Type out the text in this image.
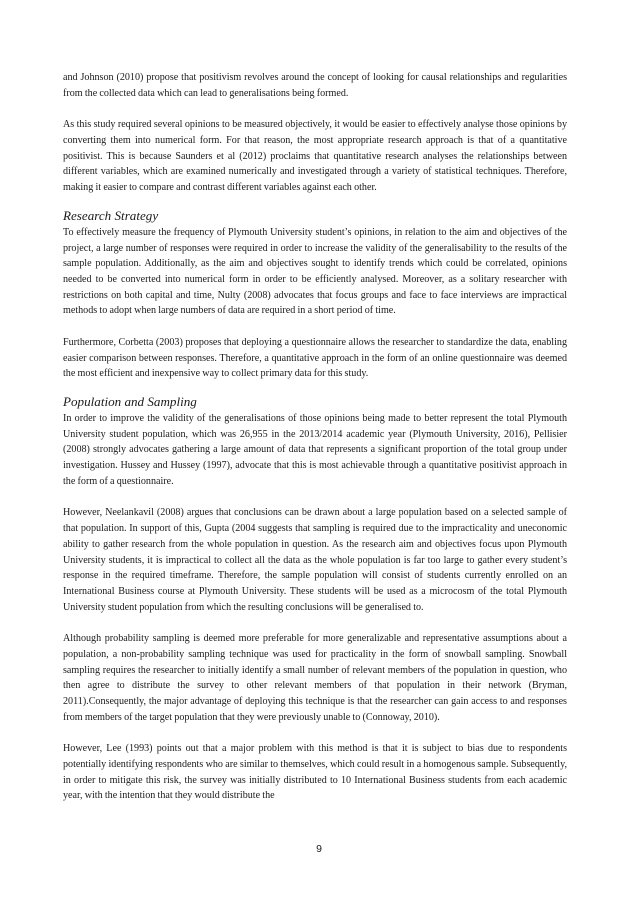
and Johnson (2010) propose that positivism revolves around the concept of looking for causal relationships and regularities from the collected data which can lead to generalisations being formed.

As this study required several opinions to be measured objectively, it would be easier to effectively analyse those opinions by converting them into numerical form. For that reason, the most appropriate research approach is that of a quantitative positivist. This is because Saunders et al (2012) proclaims that quantitative research analyses the relationships between different variables, which are examined numerically and investigated through a variety of statistical techniques. Therefore, making it easier to compare and contrast different variables against each other.

Research Strategy

To effectively measure the frequency of Plymouth University student’s opinions, in relation to the aim and objectives of the project, a large number of responses were required in order to increase the validity of the generalisability to the results of the sample population. Additionally, as the aim and objectives sought to identify trends which could be correlated, opinions needed to be converted into numerical form in order to be efficiently analysed. Moreover, as a solitary researcher with restrictions on both capital and time, Nulty (2008) advocates that focus groups and face to face interviews are impractical methods to adopt when large numbers of data are required in a short period of time.

Furthermore, Corbetta (2003) proposes that deploying a questionnaire allows the researcher to standardize the data, enabling easier comparison between responses. Therefore, a quantitative approach in the form of an online questionnaire was deemed the most efficient and inexpensive way to collect primary data for this study.

Population and Sampling

In order to improve the validity of the generalisations of those opinions being made to better represent the total Plymouth University student population, which was 26,955 in the 2013/2014 academic year (Plymouth University, 2016), Pellisier (2008) strongly advocates gathering a large amount of data that represents a significant proportion of the total group under investigation. Hussey and Hussey (1997), advocate that this is most achievable through a quantitative positivist approach in the form of a questionnaire.

However, Neelankavil (2008) argues that conclusions can be drawn about a large population based on a selected sample of that population. In support of this, Gupta (2004 suggests that sampling is required due to the impracticality and uneconomic ability to gather research from the whole population in question. As the research aim and objectives focus upon Plymouth University students, it is impractical to collect all the data as the whole population is far too large to gather every student’s response in the required timeframe. Therefore, the sample population will consist of students currently enrolled on an International Business course at Plymouth University. These students will be used as a microcosm of the total Plymouth University student population from which the resulting conclusions will be generalised to.

Although probability sampling is deemed more preferable for more generalizable and representative assumptions about a population, a non-probability sampling technique was used for practicality in the form of snowball sampling. Snowball sampling requires the researcher to initially identify a small number of relevant members of the population in question, who then agree to distribute the survey to other relevant members of that population in their network (Bryman, 2011).Consequently, the major advantage of deploying this technique is that the researcher can gain access to and responses from members of the target population that they were previously unable to (Connoway, 2010).

However, Lee (1993) points out that a major problem with this method is that it is subject to bias due to respondents potentially identifying respondents who are similar to themselves, which could result in a homogenous sample. Subsequently, in order to mitigate this risk, the survey was initially distributed to 10 International Business students from each academic year, with the intention that they would distribute the

9
